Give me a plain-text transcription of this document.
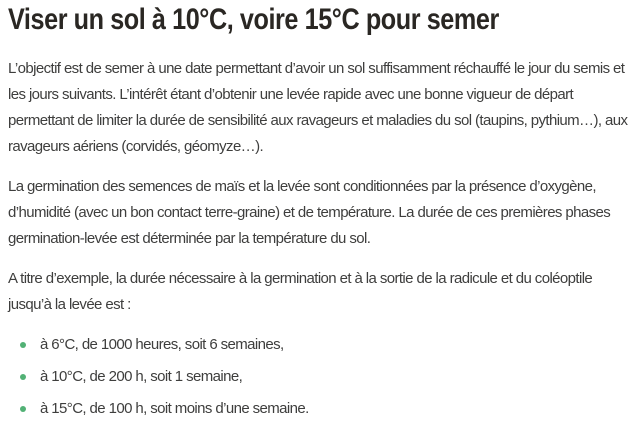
Viser un sol à 10°C, voire 15°C pour semer

L’objectif est de semer à une date permettant d’avoir un sol suffisamment réchauffé le jour du semis et les jours suivants. L’intérêt étant d’obtenir une levée rapide avec une bonne vigueur de départ permettant de limiter la durée de sensibilité aux ravageurs et maladies du sol (taupins, pythium…), aux ravageurs aériens (corvidés, géomyze…).

La germination des semences de maïs et la levée sont conditionnées par la présence d’oxygène, d’humidité (avec un bon contact terre-graine) et de température. La durée de ces premières phases germination-levée est déterminée par la température du sol.

A titre d’exemple, la durée nécessaire à la germination et à la sortie de la radicule et du coléoptile jusqu’à la levée est :

à 6°C, de 1000 heures, soit 6 semaines,
à 10°C, de 200 h, soit 1 semaine,
à 15°C, de 100 h, soit moins d’une semaine.
